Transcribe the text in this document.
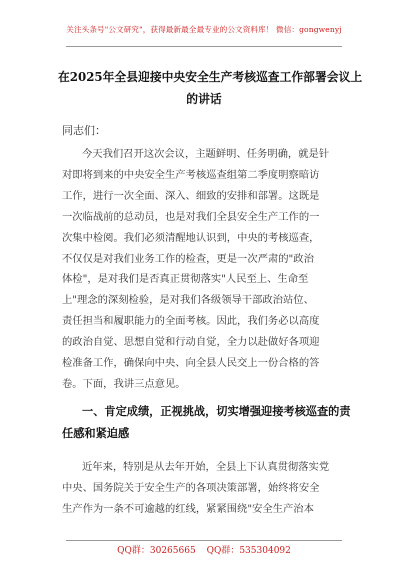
关注头条号"公文研究"，获得最新最全最专业的公文资料库！ 微信：gongwenyj
在2025年全县迎接中央安全生产考核巡查工作部署会议上
的讲话
同志们：
今天我们召开这次会议，主题鲜明、任务明确，就是针
对即将到来的中央安全生产考核巡查组第二季度明察暗访
工作，进行一次全面、深入、细致的安排和部署。这既是
一次临战前的总动员，也是对我们全县安全生产工作的一
次集中检阅。我们必须清醒地认识到，中央的考核巡查，
不仅仅是对我们业务工作的检查，更是一次严肃的"政治
体检"，是对我们是否真正贯彻落实"人民至上、生命至
上"理念的深刻检验，是对我们各级领导干部政治站位、
责任担当和履职能力的全面考核。因此，我们务必以高度
的政治自觉、思想自觉和行动自觉，全力以赴做好各项迎
检准备工作，确保向中央、向全县人民交上一份合格的答
卷。下面，我讲三点意见。
一、肯定成绩，正视挑战，切实增强迎接考核巡查的责
任感和紧迫感
近年来，特别是从去年开始，全县上下认真贯彻落实党
中央、国务院关于安全生产的各项决策部署，始终将安全
生产作为一条不可逾越的红线，紧紧围绕"安全生产治本
QQ群：30265665 QQ群：535304092
